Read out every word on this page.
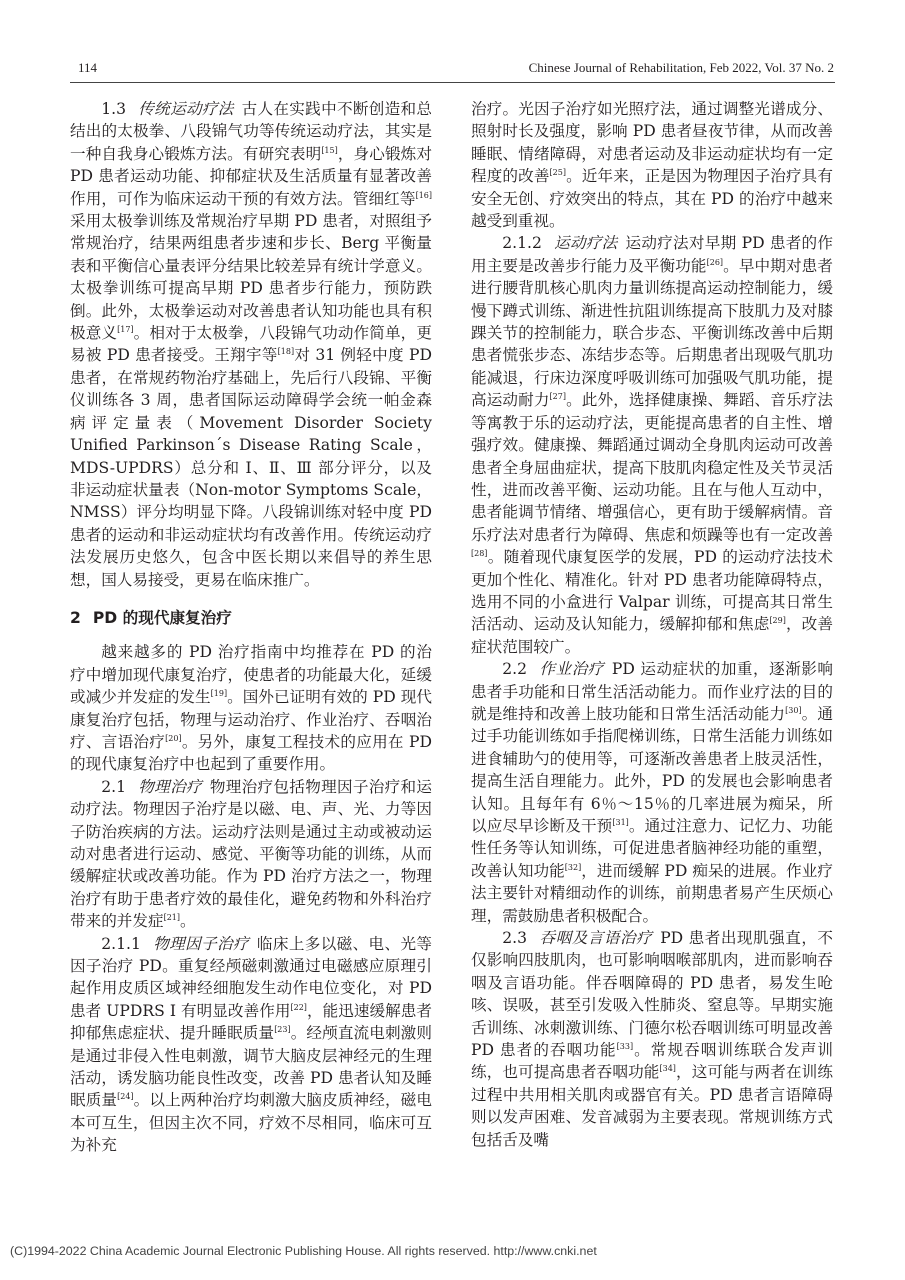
114	Chinese Journal of Rehabilitation, Feb 2022, Vol. 37 No. 2

1.3 传统运动疗法 古人在实践中不断创造和总结出的太极拳、八段锦气功等传统运动疗法，其实是一种自我身心锻炼方法。有研究表明[15]，身心锻炼对 PD 患者运动功能、抑郁症状及生活质量有显著改善作用，可作为临床运动干预的有效方法。管细红等[16]采用太极拳训练及常规治疗早期 PD 患者，对照组予常规治疗，结果两组患者步速和步长、Berg 平衡量表和平衡信心量表评分结果比较差异有统计学意义。太极拳训练可提高早期 PD 患者步行能力，预防跌倒。此外，太极拳运动对改善患者认知功能也具有积极意义[17]。相对于太极拳，八段锦气功动作简单，更易被 PD 患者接受。王翔宇等[18]对 31 例轻中度 PD 患者，在常规药物治疗基础上，先后行八段锦、平衡仪训练各 3 周，患者国际运动障碍学会统一帕金森病评定量表（Movement Disorder Society Unified Parkinson´s Disease Rating Scale，MDS-UPDRS）总分和 Ⅰ、Ⅱ、Ⅲ 部分评分，以及非运动症状量表（Non-motor Symptoms Scale，NMSS）评分均明显下降。八段锦训练对轻中度 PD 患者的运动和非运动症状均有改善作用。传统运动疗法发展历史悠久，包含中医长期以来倡导的养生思想，国人易接受，更易在临床推广。

2 PD 的现代康复治疗

越来越多的 PD 治疗指南中均推荐在 PD 的治疗中增加现代康复治疗，使患者的功能最大化，延缓或减少并发症的发生[19]。国外已证明有效的 PD 现代康复治疗包括，物理与运动治疗、作业治疗、吞咽治疗、言语治疗[20]。另外，康复工程技术的应用在 PD 的现代康复治疗中也起到了重要作用。

2.1 物理治疗 物理治疗包括物理因子治疗和运动疗法。物理因子治疗是以磁、电、声、光、力等因子防治疾病的方法。运动疗法则是通过主动或被动运动对患者进行运动、感觉、平衡等功能的训练，从而缓解症状或改善功能。作为 PD 治疗方法之一，物理治疗有助于患者疗效的最佳化，避免药物和外科治疗带来的并发症[21]。

2.1.1 物理因子治疗 临床上多以磁、电、光等因子治疗 PD。重复经颅磁刺激通过电磁感应原理引起作用皮质区域神经细胞发生动作电位变化，对 PD 患者 UPDRS Ⅰ 有明显改善作用[22]，能迅速缓解患者抑郁焦虑症状、提升睡眠质量[23]。经颅直流电刺激则是通过非侵入性电刺激，调节大脑皮层神经元的生理活动，诱发脑功能良性改变，改善 PD 患者认知及睡眠质量[24]。以上两种治疗均刺激大脑皮质神经，磁电本可互生，但因主次不同，疗效不尽相同，临床可互为补充

治疗。光因子治疗如光照疗法，通过调整光谱成分、照射时长及强度，影响 PD 患者昼夜节律，从而改善睡眠、情绪障碍，对患者运动及非运动症状均有一定程度的改善[25]。近年来，正是因为物理因子治疗具有安全无创、疗效突出的特点，其在 PD 的治疗中越来越受到重视。

2.1.2 运动疗法 运动疗法对早期 PD 患者的作用主要是改善步行能力及平衡功能[26]。早中期对患者进行腰背肌核心肌肉力量训练提高运动控制能力，缓慢下蹲式训练、渐进性抗阻训练提高下肢肌力及对膝踝关节的控制能力，联合步态、平衡训练改善中后期患者慌张步态、冻结步态等。后期患者出现吸气肌功能减退，行床边深度呼吸训练可加强吸气肌功能，提高运动耐力[27]。此外，选择健康操、舞蹈、音乐疗法等寓教于乐的运动疗法，更能提高患者的自主性、增强疗效。健康操、舞蹈通过调动全身肌肉运动可改善患者全身屈曲症状，提高下肢肌肉稳定性及关节灵活性，进而改善平衡、运动功能。且在与他人互动中，患者能调节情绪、增强信心，更有助于缓解病情。音乐疗法对患者行为障碍、焦虑和烦躁等也有一定改善[28]。随着现代康复医学的发展，PD 的运动疗法技术更加个性化、精准化。针对 PD 患者功能障碍特点，选用不同的小盒进行 Valpar 训练，可提高其日常生活活动、运动及认知能力，缓解抑郁和焦虑[29]，改善症状范围较广。

2.2 作业治疗 PD 运动症状的加重，逐渐影响患者手功能和日常生活活动能力。而作业疗法的目的就是维持和改善上肢功能和日常生活活动能力[30]。通过手功能训练如手指爬梯训练，日常生活能力训练如进食辅助勺的使用等，可逐渐改善患者上肢灵活性，提高生活自理能力。此外，PD 的发展也会影响患者认知。且每年有 6％～15％的几率进展为痴呆，所以应尽早诊断及干预[31]。通过注意力、记忆力、功能性任务等认知训练，可促进患者脑神经功能的重塑，改善认知功能[32]，进而缓解 PD 痴呆的进展。作业疗法主要针对精细动作的训练，前期患者易产生厌烦心理，需鼓励患者积极配合。

2.3 吞咽及言语治疗 PD 患者出现肌强直，不仅影响四肢肌肉，也可影响咽喉部肌肉，进而影响吞咽及言语功能。伴吞咽障碍的 PD 患者，易发生呛咳、误吸，甚至引发吸入性肺炎、窒息等。早期实施舌训练、冰刺激训练、门德尔松吞咽训练可明显改善 PD 患者的吞咽功能[33]。常规吞咽训练联合发声训练，也可提高患者吞咽功能[34]，这可能与两者在训练过程中共用相关肌肉或器官有关。PD 患者言语障碍则以发声困难、发音减弱为主要表现。常规训练方式包括舌及嘴

(C)1994-2022 China Academic Journal Electronic Publishing House. All rights reserved. http://www.cnki.net
